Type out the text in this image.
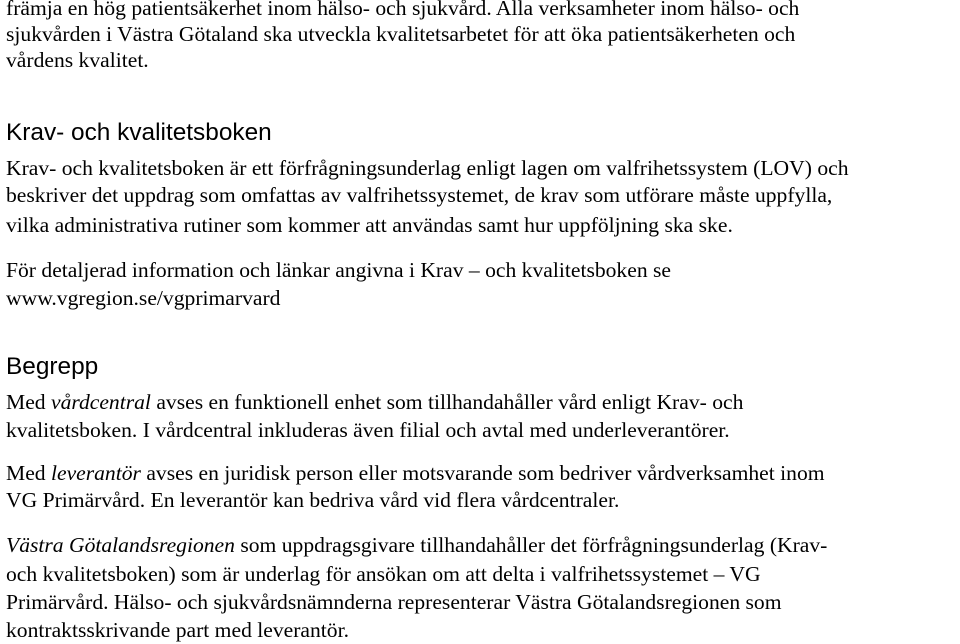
främja en hög patientsäkerhet inom hälso- och sjukvård. Alla verksamheter inom hälso- och
sjukvården i Västra Götaland ska utveckla kvalitetsarbetet för att öka patientsäkerheten och
vårdens kvalitet.
Krav- och kvalitetsboken
Krav- och kvalitetsboken är ett förfrågningsunderlag enligt lagen om valfrihetssystem (LOV) och
beskriver det uppdrag som omfattas av valfrihetssystemet, de krav som utförare måste uppfylla,
vilka administrativa rutiner som kommer att användas samt hur uppföljning ska ske.
För detaljerad information och länkar angivna i Krav – och kvalitetsboken se
www.vgregion.se/vgprimarvard
Begrepp
Med vårdcentral avses en funktionell enhet som tillhandahåller vård enligt Krav- och
kvalitetsboken. I vårdcentral inkluderas även filial och avtal med underleverantörer.
Med leverantör avses en juridisk person eller motsvarande som bedriver vårdverksamhet inom
VG Primärvård. En leverantör kan bedriva vård vid flera vårdcentraler.
Västra Götalandsregionen som uppdragsgivare tillhandahåller det förfrågningsunderlag (Krav-
och kvalitetsboken) som är underlag för ansökan om att delta i valfrihetssystemet – VG
Primärvård. Hälso- och sjukvårdsnämnderna representerar Västra Götalandsregionen som
kontraktsskrivande part med leverantör.
